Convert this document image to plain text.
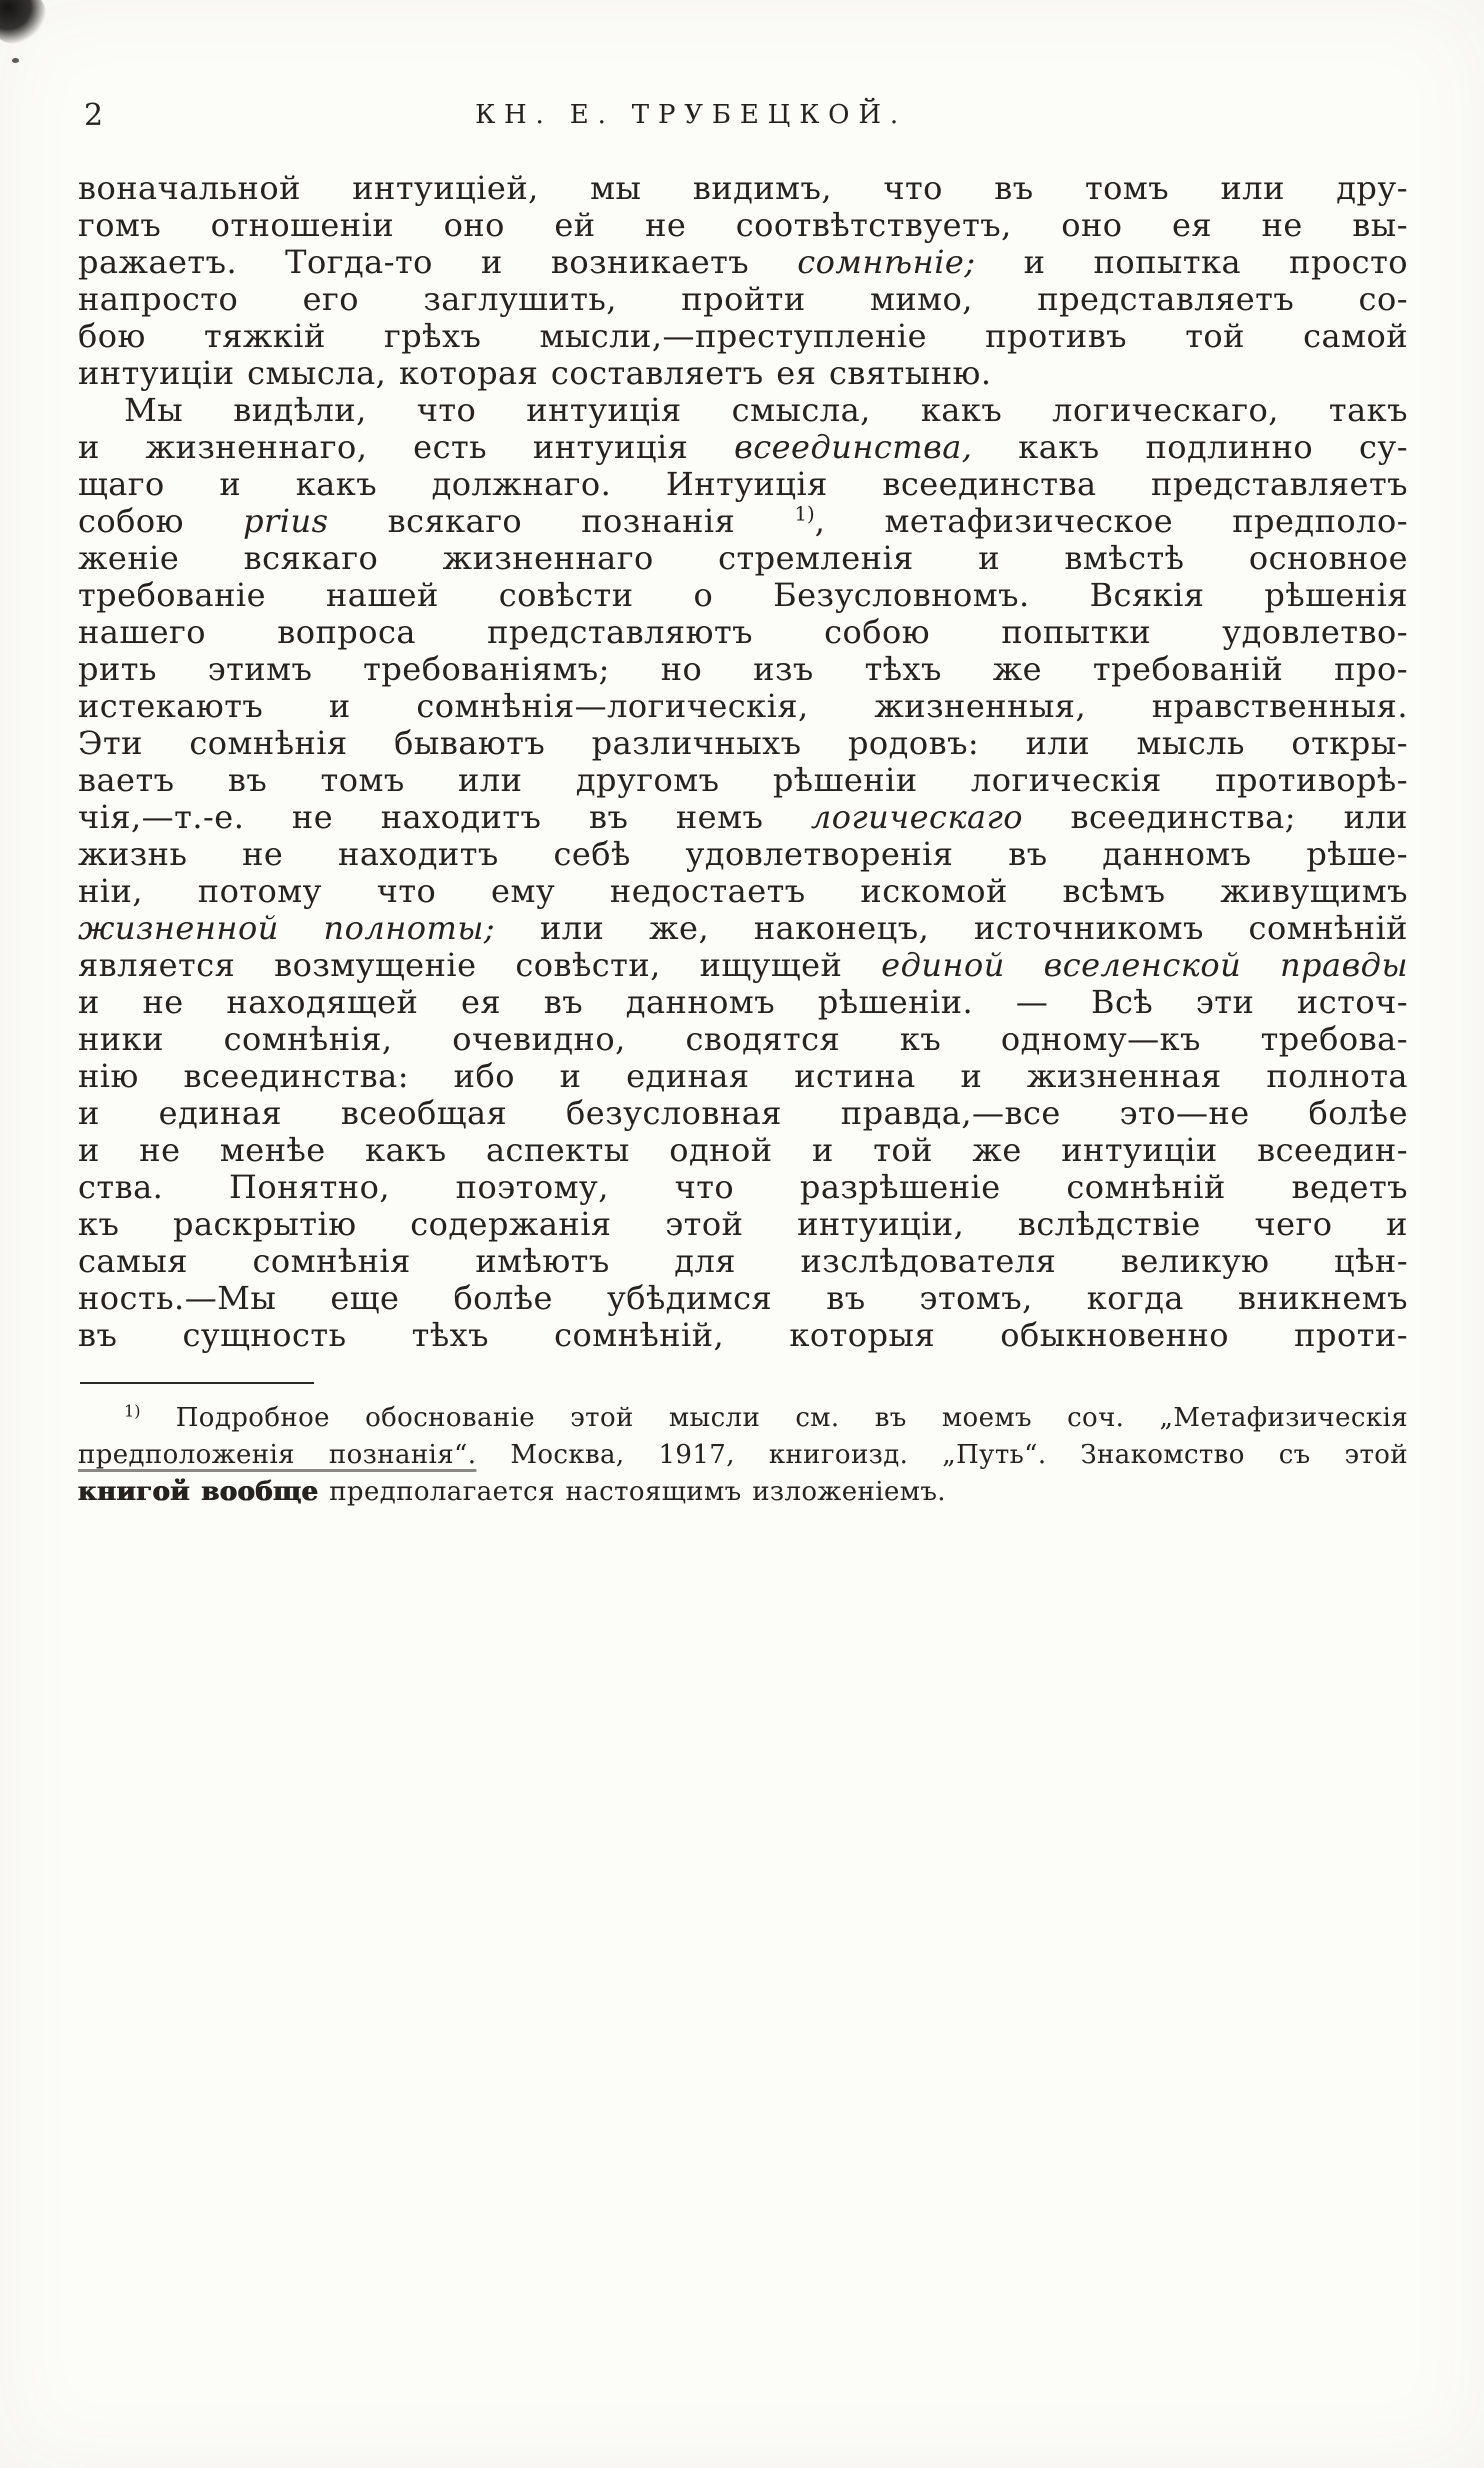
2	КН. Е. ТРУБЕЦКОЙ.
воначальной интуиціей, мы видимъ, что въ томъ или дру-
гомъ отношеніи оно ей не соотвѣтствуетъ, оно ея не вы-
ражаетъ. Тогда-то и возникаетъ сомнѣніе; и попытка просто
напросто его заглушить, пройти мимо, представляетъ со-
бою тяжкій грѣхъ мысли,—преступленіе противъ той самой
интуиціи смысла, которая составляетъ ея святыню.
Мы видѣли, что интуиція смысла, какъ логическаго, такъ
и жизненнаго, есть интуиція всеединства, какъ подлинно су-
щаго и какъ должнаго. Интуиція всеединства представляетъ
собою prius всякаго познанія $^{1)}$, метафизическое предполо-
женіе всякаго жизненнаго стремленія и вмѣстѣ основное
требованіе нашей совѣсти о Безусловномъ. Всякія рѣшенія
нашего вопроса представляютъ собою попытки удовлетво-
рить этимъ требованіямъ; но изъ тѣхъ же требованій про-
истекаютъ и сомнѣнія—логическія, жизненныя, нравственныя.
Эти сомнѣнія бываютъ различныхъ родовъ: или мысль откры-
ваетъ въ томъ или другомъ рѣшеніи логическія противорѣ-
чія,—т.-е. не находитъ въ немъ логическаго всеединства; или
жизнь не находитъ себѣ удовлетворенія въ данномъ рѣше-
ніи, потому что ему недостаетъ искомой всѣмъ живущимъ
жизненной полноты; или же, наконецъ, источникомъ сомнѣній
является возмущеніе совѣсти, ищущей единой вселенской правды
и не находящей ея въ данномъ рѣшеніи. — Всѣ эти источ-
ники сомнѣнія, очевидно, сводятся къ одному—къ требова-
нію всеединства: ибо и единая истина и жизненная полнота
и единая всеобщая безусловная правда,—все это—не болѣе
и не менѣе какъ аспекты одной и той же интуиціи всеедин-
ства. Понятно, поэтому, что разрѣшеніе сомнѣній ведетъ
къ раскрытію содержанія этой интуиціи, вслѣдствіе чего и
самыя сомнѣнія имѣютъ для изслѣдователя великую цѣн-
ность.—Мы еще болѣе убѣдимся въ этомъ, когда вникнемъ
въ сущность тѣхъ сомнѣній, которыя обыкновенно проти-
$^{1)}$ Подробное обоснованіе этой мысли см. въ моемъ соч. „Метафизическія
предположенія познанія“. Москва, 1917, книгоизд. „Путь“. Знакомство съ этой
книгой вообще предполагается настоящимъ изложеніемъ.
